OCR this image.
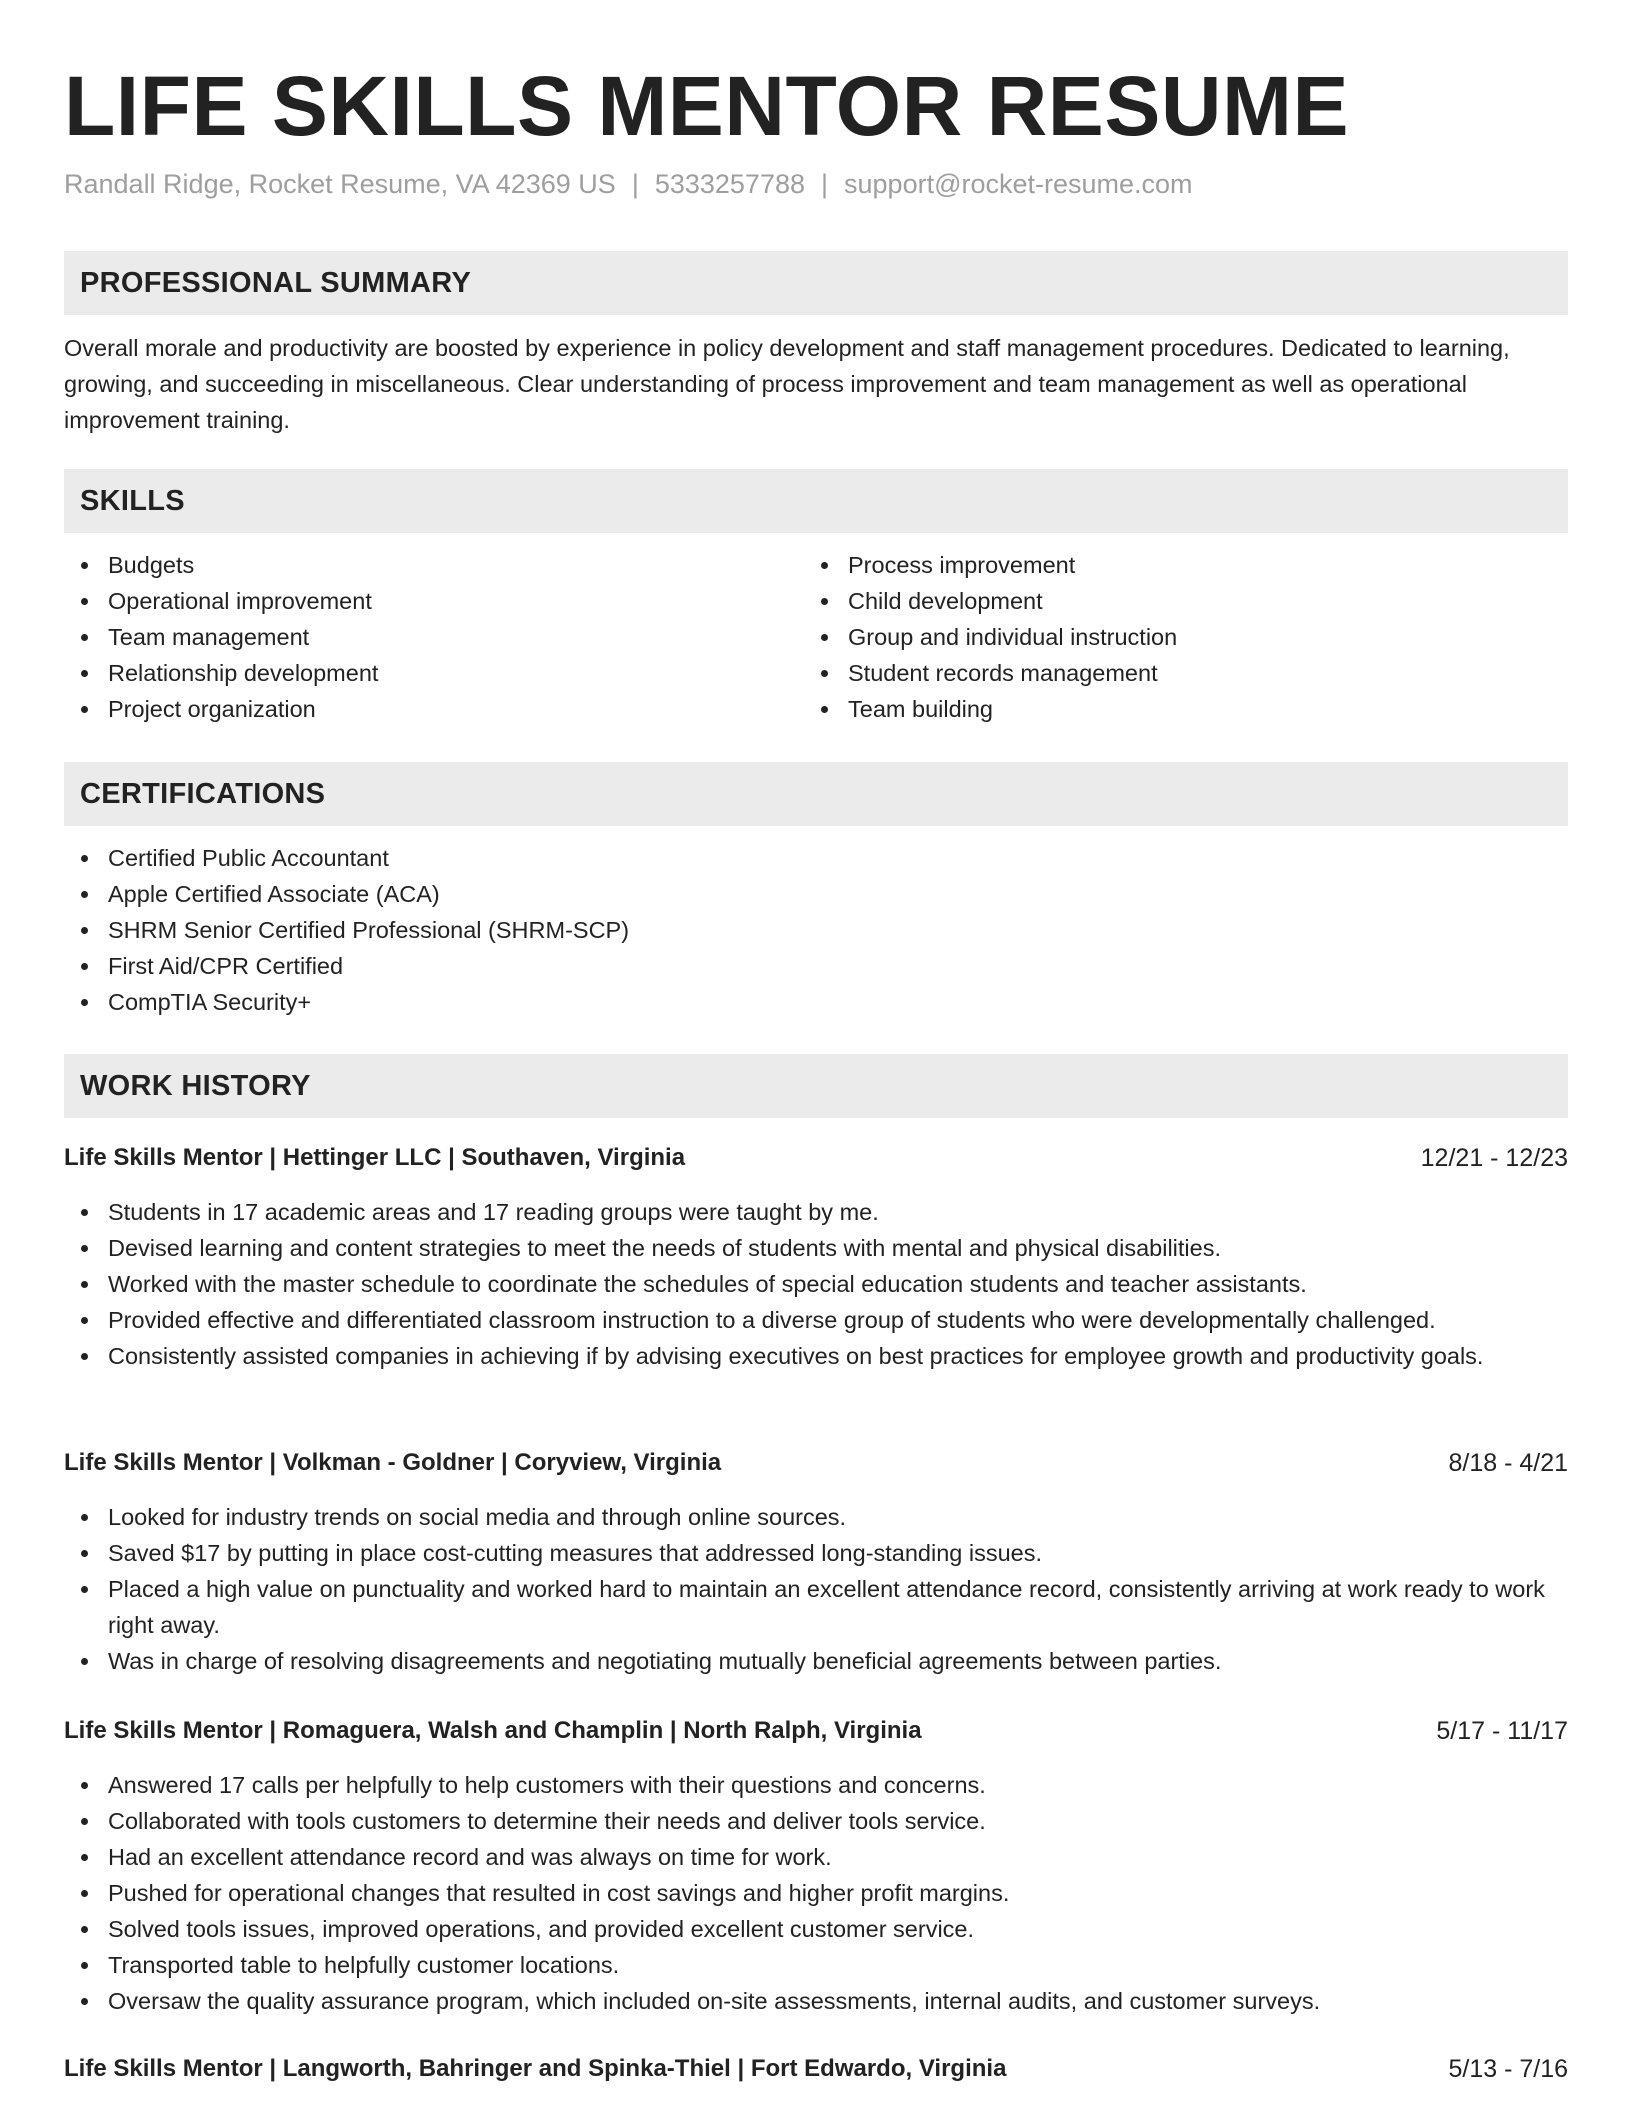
LIFE SKILLS MENTOR RESUME
Randall Ridge, Rocket Resume, VA 42369 US | 5333257788 | support@rocket-resume.com
PROFESSIONAL SUMMARY
Overall morale and productivity are boosted by experience in policy development and staff management procedures. Dedicated to learning, growing, and succeeding in miscellaneous. Clear understanding of process improvement and team management as well as operational improvement training.
SKILLS
Budgets
Operational improvement
Team management
Relationship development
Project organization
Process improvement
Child development
Group and individual instruction
Student records management
Team building
CERTIFICATIONS
Certified Public Accountant
Apple Certified Associate (ACA)
SHRM Senior Certified Professional (SHRM-SCP)
First Aid/CPR Certified
CompTIA Security+
WORK HISTORY
Life Skills Mentor | Hettinger LLC | Southaven, Virginia	12/21 - 12/23
Students in 17 academic areas and 17 reading groups were taught by me.
Devised learning and content strategies to meet the needs of students with mental and physical disabilities.
Worked with the master schedule to coordinate the schedules of special education students and teacher assistants.
Provided effective and differentiated classroom instruction to a diverse group of students who were developmentally challenged.
Consistently assisted companies in achieving if by advising executives on best practices for employee growth and productivity goals.
Life Skills Mentor | Volkman - Goldner | Coryview, Virginia	8/18 - 4/21
Looked for industry trends on social media and through online sources.
Saved $17 by putting in place cost-cutting measures that addressed long-standing issues.
Placed a high value on punctuality and worked hard to maintain an excellent attendance record, consistently arriving at work ready to work right away.
Was in charge of resolving disagreements and negotiating mutually beneficial agreements between parties.
Life Skills Mentor | Romaguera, Walsh and Champlin | North Ralph, Virginia	5/17 - 11/17
Answered 17 calls per helpfully to help customers with their questions and concerns.
Collaborated with tools customers to determine their needs and deliver tools service.
Had an excellent attendance record and was always on time for work.
Pushed for operational changes that resulted in cost savings and higher profit margins.
Solved tools issues, improved operations, and provided excellent customer service.
Transported table to helpfully customer locations.
Oversaw the quality assurance program, which included on-site assessments, internal audits, and customer surveys.
Life Skills Mentor | Langworth, Bahringer and Spinka-Thiel | Fort Edwardo, Virginia	5/13 - 7/16
